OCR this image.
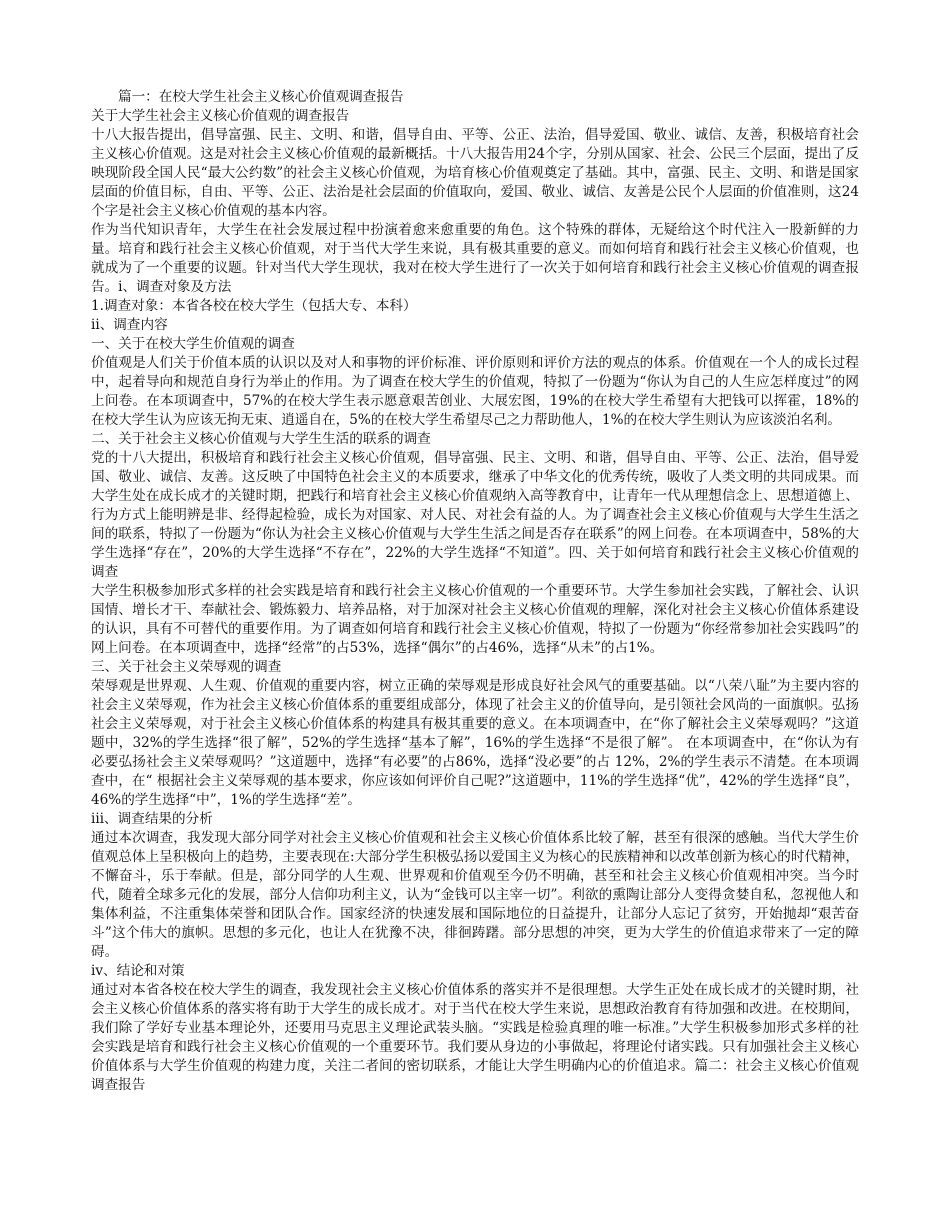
篇一：在校大学生社会主义核心价值观调查报告

关于大学生社会主义核心价值观的调查报告

十八大报告提出，倡导富强、民主、文明、和谐，倡导自由、平等、公正、法治，倡导爱国、敬业、诚信、友善，积极培育社会主义核心价值观。这是对社会主义核心价值观的最新概括。十八大报告用24个字，分别从国家、社会、公民三个层面，提出了反映现阶段全国人民“最大公约数”的社会主义核心价值观，为培育核心价值观奠定了基础。其中，富强、民主、文明、和谐是国家层面的价值目标，自由、平等、公正、法治是社会层面的价值取向，爱国、敬业、诚信、友善是公民个人层面的价值准则，这24个字是社会主义核心价值观的基本内容。

作为当代知识青年，大学生在社会发展过程中扮演着愈来愈重要的角色。这个特殊的群体，无疑给这个时代注入一股新鲜的力量。培育和践行社会主义核心价值观，对于当代大学生来说，具有极其重要的意义。而如何培育和践行社会主义核心价值观，也就成为了一个重要的议题。针对当代大学生现状，我对在校大学生进行了一次关于如何培育和践行社会主义核心价值观的调查报告。ⅰ、调查对象及方法

1.调查对象：本省各校在校大学生（包括大专、本科）

ⅱ、调查内容

一、关于在校大学生价值观的调查

价值观是人们关于价值本质的认识以及对人和事物的评价标准、评价原则和评价方法的观点的体系。价值观在一个人的成长过程中，起着导向和规范自身行为举止的作用。为了调查在校大学生的价值观，特拟了一份题为“你认为自己的人生应怎样度过”的网上问卷。在本项调查中，57%的在校大学生表示愿意艰苦创业、大展宏图，19%的在校大学生希望有大把钱可以挥霍，18%的在校大学生认为应该无拘无束、逍遥自在，5%的在校大学生希望尽己之力帮助他人，1%的在校大学生则认为应该淡泊名利。

二、关于社会主义核心价值观与大学生生活的联系的调查

党的十八大提出，积极培育和践行社会主义核心价值观，倡导富强、民主、文明、和谐，倡导自由、平等、公正、法治，倡导爱国、敬业、诚信、友善。这反映了中国特色社会主义的本质要求，继承了中华文化的优秀传统，吸收了人类文明的共同成果。而大学生处在成长成才的关键时期，把践行和培育社会主义核心价值观纳入高等教育中，让青年一代从理想信念上、思想道德上、行为方式上能明辨是非、经得起检验，成长为对国家、对人民、对社会有益的人。为了调查社会主义核心价值观与大学生生活之间的联系，特拟了一份题为“你认为社会主义核心价值观与大学生生活之间是否存在联系”的网上问卷。在本项调查中，58%的大学生选择“存在”，20%的大学生选择“不存在”，22%的大学生选择“不知道”。四、关于如何培育和践行社会主义核心价值观的调查

大学生积极参加形式多样的社会实践是培育和践行社会主义核心价值观的一个重要环节。大学生参加社会实践，了解社会、认识国情、增长才干、奉献社会、锻炼毅力、培养品格，对于加深对社会主义核心价值观的理解，深化对社会主义核心价值体系建设的认识，具有不可替代的重要作用。为了调查如何培育和践行社会主义核心价值观，特拟了一份题为“你经常参加社会实践吗”的网上问卷。在本项调查中，选择“经常”的占53%，选择“偶尔”的占46%，选择“从未”的占1%。

三、关于社会主义荣辱观的调查

荣辱观是世界观、人生观、价值观的重要内容，树立正确的荣辱观是形成良好社会风气的重要基础。以“八荣八耻”为主要内容的社会主义荣辱观，作为社会主义核心价值体系的重要组成部分，体现了社会主义的价值导向，是引领社会风尚的一面旗帜。弘扬社会主义荣辱观，对于社会主义核心价值体系的构建具有极其重要的意义。在本项调查中，在“你了解社会主义荣辱观吗？”这道题中，32%的学生选择“很了解”，52%的学生选择“基本了解”，16%的学生选择“不是很了解”。 在本项调查中，在“你认为有必要弘扬社会主义荣辱观吗？”这道题中，选择“有必要”的占86%，选择“没必要”的占 12%，2%的学生表示不清楚。在本项调查中，在“ 根据社会主义荣辱观的基本要求，你应该如何评价自己呢?”这道题中，11%的学生选择“优”，42%的学生选择“良”，46%的学生选择“中”，1%的学生选择“差”。

ⅲ、调查结果的分析

通过本次调查，我发现大部分同学对社会主义核心价值观和社会主义核心价值体系比较了解，甚至有很深的感触。当代大学生价值观总体上呈积极向上的趋势，主要表现在:大部分学生积极弘扬以爱国主义为核心的民族精神和以改革创新为核心的时代精神，不懈奋斗，乐于奉献。但是，部分同学的人生观、世界观和价值观至今仍不明确，甚至和社会主义核心价值观相冲突。当今时代，随着全球多元化的发展，部分人信仰功利主义，认为“金钱可以主宰一切”。利欲的熏陶让部分人变得贪婪自私，忽视他人和集体利益，不注重集体荣誉和团队合作。国家经济的快速发展和国际地位的日益提升，让部分人忘记了贫穷，开始抛却“艰苦奋斗”这个伟大的旗帜。思想的多元化，也让人在犹豫不决，徘徊踌躇。部分思想的冲突，更为大学生的价值追求带来了一定的障碍。

ⅳ、结论和对策

通过对本省各校在校大学生的调查，我发现社会主义核心价值体系的落实并不是很理想。大学生正处在成长成才的关键时期，社会主义核心价值体系的落实将有助于大学生的成长成才。对于当代在校大学生来说，思想政治教育有待加强和改进。在校期间，我们除了学好专业基本理论外，还要用马克思主义理论武装头脑。“实践是检验真理的唯一标准。”大学生积极参加形式多样的社会实践是培育和践行社会主义核心价值观的一个重要环节。我们要从身边的小事做起，将理论付诸实践。只有加强社会主义核心价值体系与大学生价值观的构建力度，关注二者间的密切联系，才能让大学生明确内心的价值追求。篇二：社会主义核心价值观调查报告
